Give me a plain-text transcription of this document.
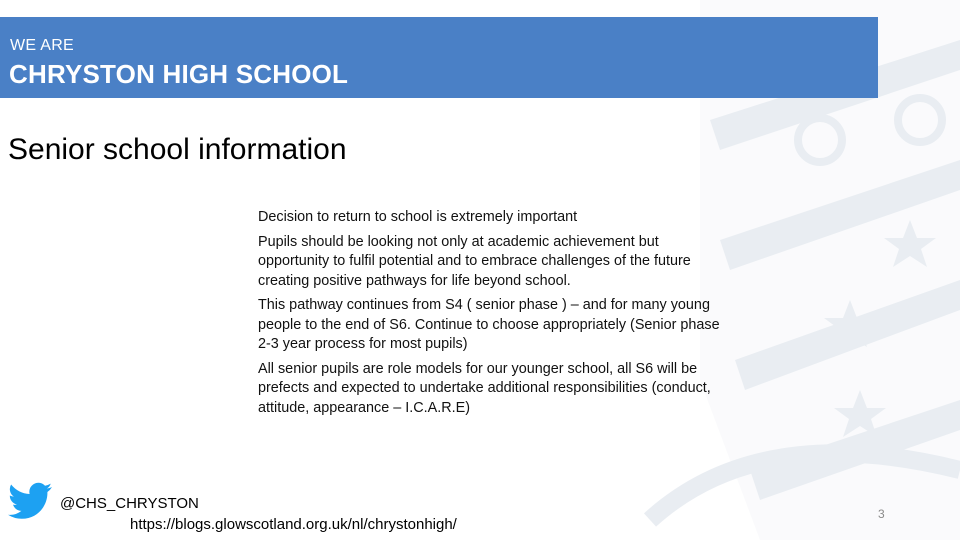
WE ARE
CHRYSTON HIGH SCHOOL
Senior school information

Decision to return to school is extremely important

Pupils should be looking not only at academic achievement but opportunity to fulfil potential and to embrace challenges of the future creating positive pathways for life beyond school.

This pathway continues from S4 ( senior phase ) – and for many young people to the end of S6. Continue to choose appropriately (Senior phase 2-3 year process for most pupils)

All senior pupils are role models for our younger school, all S6 will be prefects and expected to undertake additional responsibilities (conduct, attitude, appearance – I.C.A.R.E)

@CHS_CHRYSTON
https://blogs.glowscotland.org.uk/nl/chrystonhigh/
3
